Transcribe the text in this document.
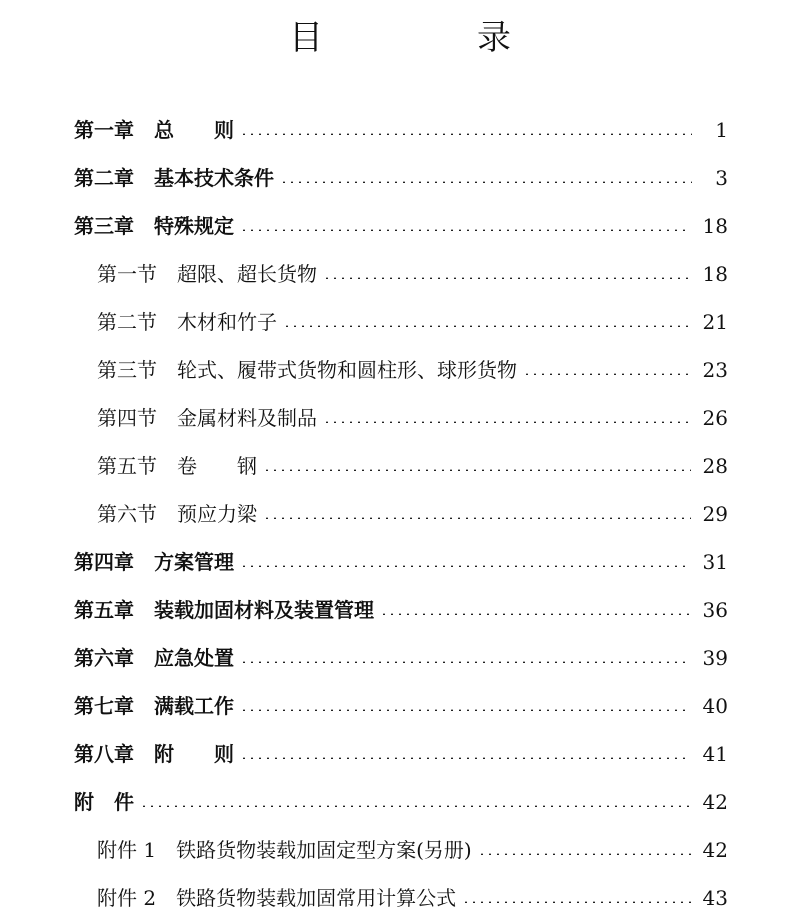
目　录
第一章　总　　则	1
第二章　基本技术条件	3
第三章　特殊规定	18
第一节　超限、超长货物	18
第二节　木材和竹子	21
第三节　轮式、履带式货物和圆柱形、球形货物	23
第四节　金属材料及制品	26
第五节　卷　　钢	28
第六节　预应力梁	29
第四章　方案管理	31
第五章　装载加固材料及装置管理	36
第六章　应急处置	39
第七章　满载工作	40
第八章　附　　则	41
附　件	42
附件 1　铁路货物装载加固定型方案(另册)	42
附件 2　铁路货物装载加固常用计算公式	43
